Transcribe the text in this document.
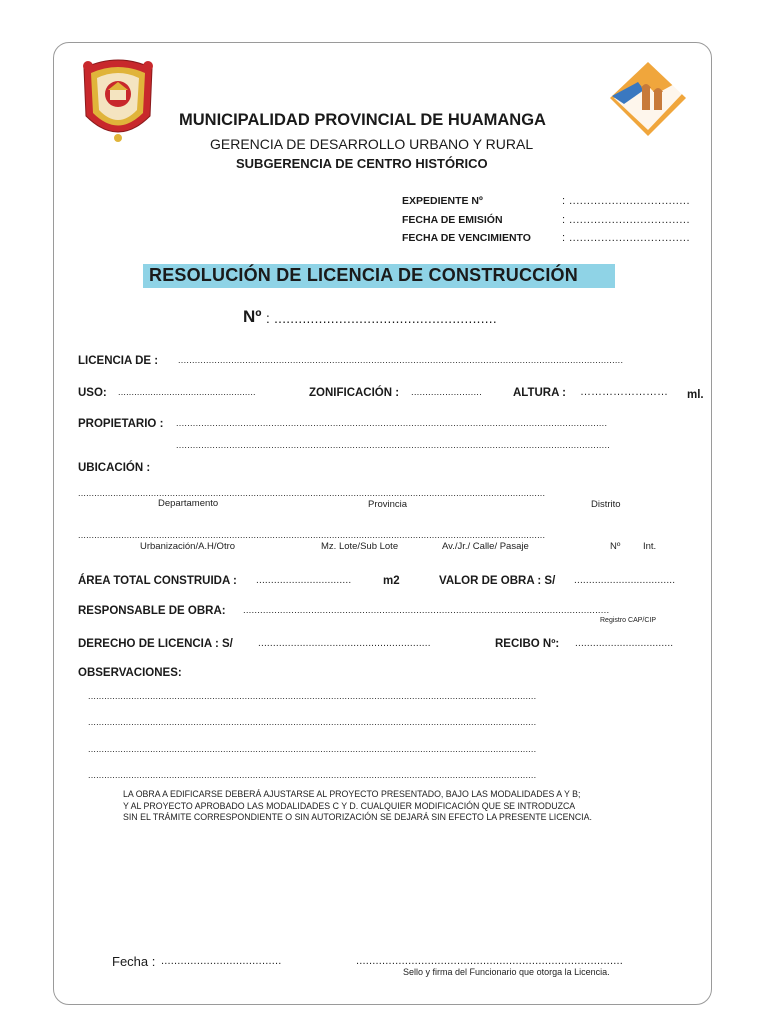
MUNICIPALIDAD PROVINCIAL DE HUAMANGA
GERENCIA DE DESARROLLO URBANO Y RURAL
SUBGERENCIA DE CENTRO HISTÓRICO
EXPEDIENTE Nº	: ..................................
FECHA DE EMISIÓN	: ..................................
FECHA DE VENCIMIENTO	: ..................................
RESOLUCIÓN DE LICENCIA DE CONSTRUCCIÓN
Nº : .......................................................
LICENCIA DE : ...............................................................................................................................................................
USO: ...................................................	ZONIFICACIÓN : .........................	ALTURA : …………………… ml.
PROPIETARIO : ..........................................................................................................................................................
...........................................................................................................................................................
UBICACIÓN :
.............................................................................................................................................................................
Departamento	Provincia	Distrito
.............................................................................................................................................................................
Urbanización/A.H/Otro	Mz. Lote/Sub Lote	Av./Jr./ Calle/ Pasaje	Nº Int.
ÁREA TOTAL CONSTRUIDA : ................................	m2	VALOR DE OBRA : S/ ..................................
RESPONSABLE DE OBRA: .................................................................................................................................
Registro CAP/CIP
DERECHO DE LICENCIA : S/	..........................................................	RECIBO Nº: .................................
OBSERVACIONES:
......................................................................................................................................................................
......................................................................................................................................................................
......................................................................................................................................................................
......................................................................................................................................................................
LA OBRA A EDIFICARSE DEBERÁ AJUSTARSE AL PROYECTO PRESENTADO, BAJO LAS MODALIDADES A Y B;
Y AL PROYECTO APROBADO LAS MODALIDADES C Y D. CUALQUIER MODIFICACIÓN QUE SE INTRODUZCA
SIN EL TRÁMITE CORRESPONDIENTE O SIN AUTORIZACIÓN SE DEJARÁ SIN EFECTO LA PRESENTE LICENCIA.
Fecha : .....................................	..................................................................................
Sello y firma del Funcionario que otorga la Licencia.
